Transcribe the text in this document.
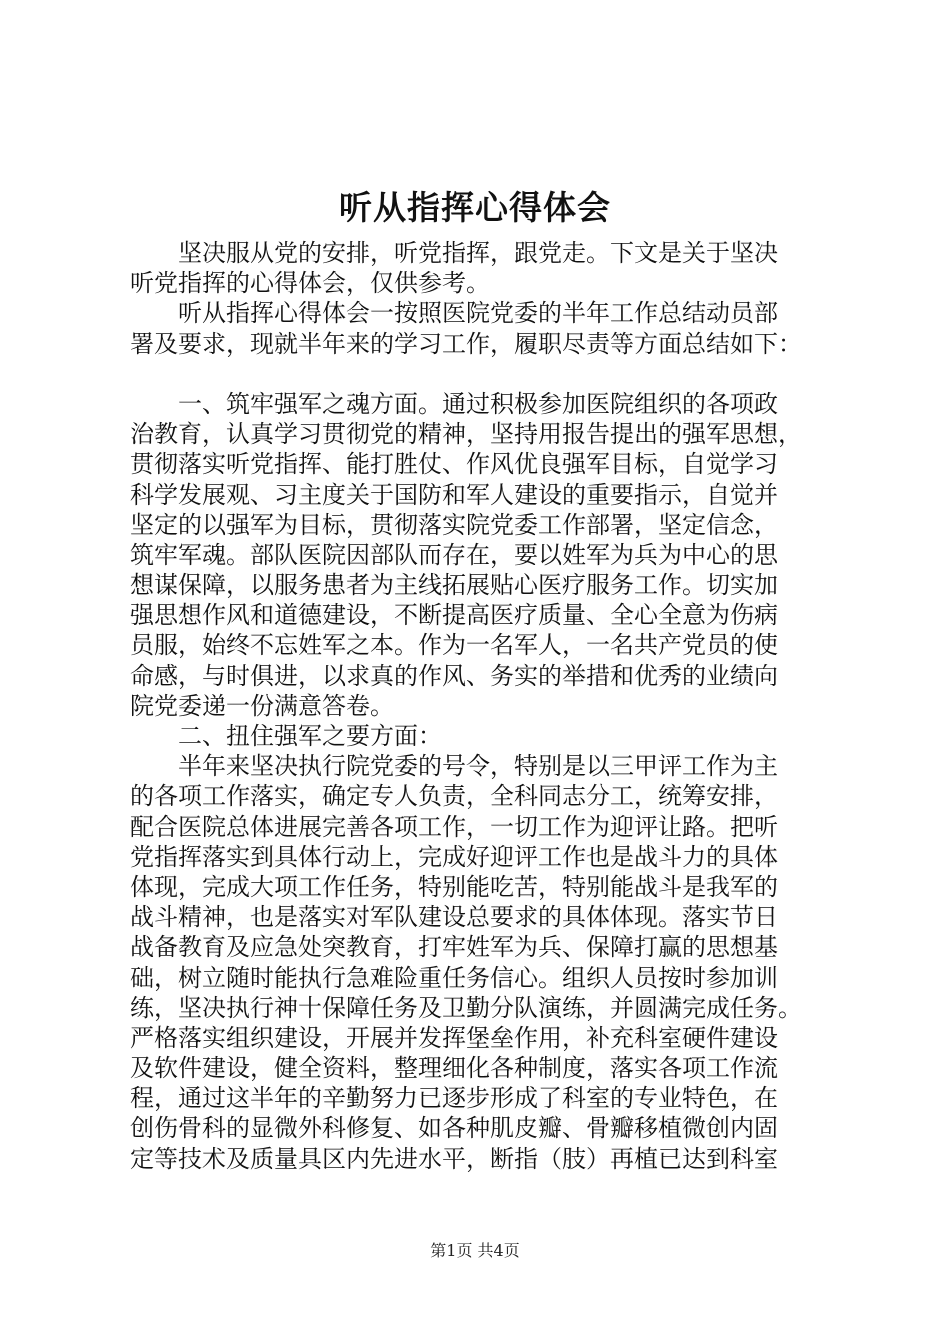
听从指挥心得体会
　　坚决服从党的安排，听党指挥，跟党走。下文是关于坚决
听党指挥的心得体会，仅供参考。
　　听从指挥心得体会一按照医院党委的半年工作总结动员部
署及要求，现就半年来的学习工作，履职尽责等方面总结如下：
　　一、筑牢强军之魂方面。通过积极参加医院组织的各项政
治教育，认真学习贯彻党的精神，坚持用报告提出的强军思想，
贯彻落实听党指挥、能打胜仗、作风优良强军目标，自觉学习
科学发展观、习主度关于国防和军人建设的重要指示，自觉并
坚定的以强军为目标，贯彻落实院党委工作部署，坚定信念，
筑牢军魂。部队医院因部队而存在，要以姓军为兵为中心的思
想谋保障，以服务患者为主线拓展贴心医疗服务工作。切实加
强思想作风和道德建设，不断提高医疗质量、全心全意为伤病
员服，始终不忘姓军之本。作为一名军人，一名共产党员的使
命感，与时俱进，以求真的作风、务实的举措和优秀的业绩向
院党委递一份满意答卷。
　　二、扭住强军之要方面：
　　半年来坚决执行院党委的号令，特别是以三甲评工作为主
的各项工作落实，确定专人负责，全科同志分工，统筹安排，
配合医院总体进展完善各项工作，一切工作为迎评让路。把听
党指挥落实到具体行动上，完成好迎评工作也是战斗力的具体
体现，完成大项工作任务，特别能吃苦，特别能战斗是我军的
战斗精神，也是落实对军队建设总要求的具体体现。落实节日
战备教育及应急处突教育，打牢姓军为兵、保障打赢的思想基
础，树立随时能执行急难险重任务信心。组织人员按时参加训
练，坚决执行神十保障任务及卫勤分队演练，并圆满完成任务。
严格落实组织建设，开展并发挥堡垒作用，补充科室硬件建设
及软件建设，健全资料，整理细化各种制度，落实各项工作流
程，通过这半年的辛勤努力已逐步形成了科室的专业特色，在
创伤骨科的显微外科修复、如各种肌皮瓣、骨瓣移植微创内固
定等技术及质量具区内先进水平，断指（肢）再植已达到科室
第1页 共4页
